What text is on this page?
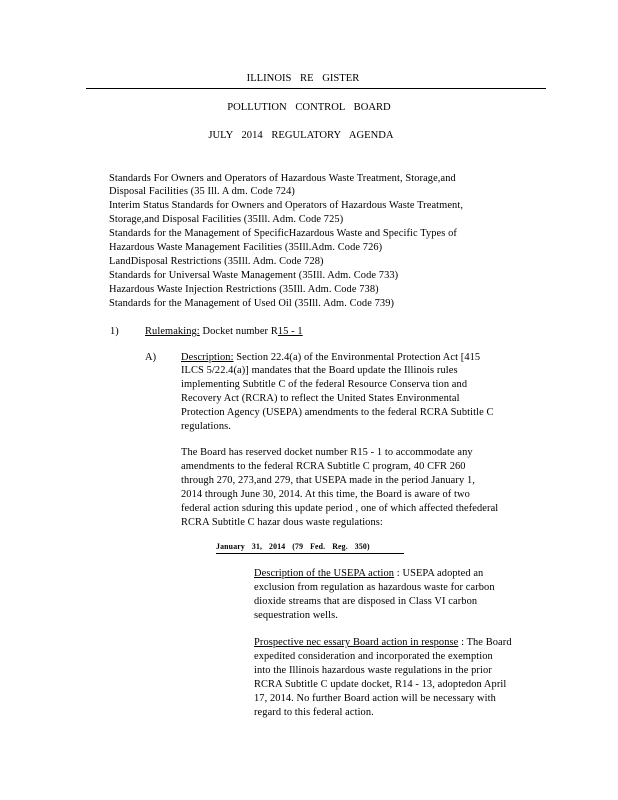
ILLINOIS RE GISTER
POLLUTION CONTROL BOARD
JULY 2014 REGULATORY AGENDA
Standards For Owners and Operators of Hazardous Waste Treatment, Storage,and
Disposal Facilities (35 Ill. A dm. Code 724)
Interim Status Standards for Owners and Operators of Hazardous Waste Treatment,
Storage,and Disposal Facilities (35Ill. Adm. Code 725)
Standards for the Management of SpecificHazardous Waste and Specific Types of
Hazardous Waste Management Facilities (35Ill.Adm. Code 726)
LandDisposal Restrictions (35Ill. Adm. Code 728)
Standards for Universal Waste Management (35Ill. Adm. Code 733)
Hazardous Waste Injection Restrictions (35Ill. Adm. Code 738)
Standards for the Management of Used Oil (35Ill. Adm. Code 739)
1)	Rulemaking: Docket number R15 - 1
A) Description: Section 22.4(a) of the Environmental Protection Act [415
ILCS 5/22.4(a)] mandates that the Board update the Illinois rules
implementing Subtitle C of the federal Resource Conserva tion and
Recovery Act (RCRA) to reflect the United States Environmental
Protection Agency (USEPA) amendments to the federal RCRA Subtitle C
regulations.
The Board has reserved docket number R15 - 1 to accommodate any
amendments to the federal RCRA Subtitle C program, 40 CFR 260
through 270, 273,and 279, that USEPA made in the period January 1,
2014 through June 30, 2014. At this time, the Board is aware of two
federal action sduring this update period , one of which affected thefederal
RCRA Subtitle C hazar dous waste regulations:
January 31, 2014 (79 Fed. Reg. 350)
Description of the USEPA action : USEPA adopted an
exclusion from regulation as hazardous waste for carbon
dioxide streams that are disposed in Class VI carbon
sequestration wells.
Prospective nec essary Board action in response : The Board
expedited consideration and incorporated the exemption
into the Illinois hazardous waste regulations in the prior
RCRA Subtitle C update docket, R14 - 13, adoptedon April
17, 2014. No further Board action will be necessary with
regard to this federal action.
